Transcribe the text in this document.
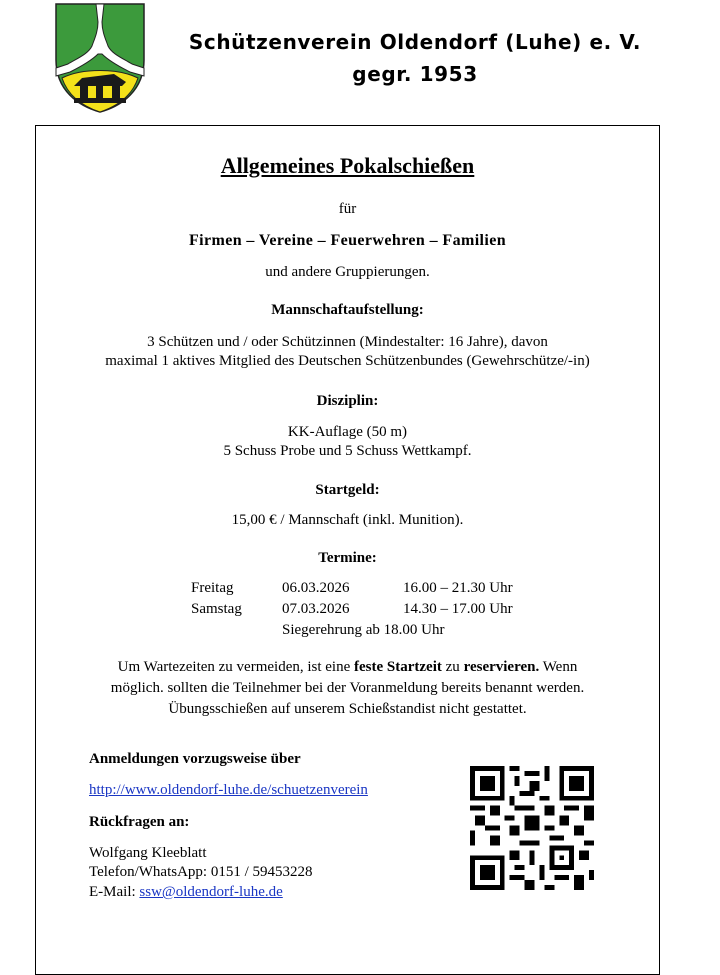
Schützenverein Oldendorf (Luhe) e. V.
gegr. 1953
Allgemeines Pokalschießen
für
Firmen – Vereine – Feuerwehren – Familien
und andere Gruppierungen.
Mannschaftaufstellung:
3 Schützen und / oder Schützinnen (Mindestalter: 16 Jahre), davon
maximal 1 aktives Mitglied des Deutschen Schützenbundes (Gewehrschütze/-in)
Disziplin:
KK-Auflage (50 m)
5 Schuss Probe und 5 Schuss Wettkampf.
Startgeld:
15,00 € / Mannschaft (inkl. Munition).
Termine:
Freitag	06.03.2026	16.00 – 21.30 Uhr
Samstag	07.03.2026	14.30 – 17.00 Uhr
Siegerehrung ab 18.00 Uhr
Um Wartezeiten zu vermeiden, ist eine feste Startzeit zu reservieren. Wenn
möglich. sollten die Teilnehmer bei der Voranmeldung bereits benannt werden.
Übungsschießen auf unserem Schießstandist nicht gestattet.
Anmeldungen vorzugsweise über
http://www.oldendorf-luhe.de/schuetzenverein
Rückfragen an:
Wolfgang Kleeblatt
Telefon/WhatsApp: 0151 / 59453228
E-Mail: ssw@oldendorf-luhe.de
